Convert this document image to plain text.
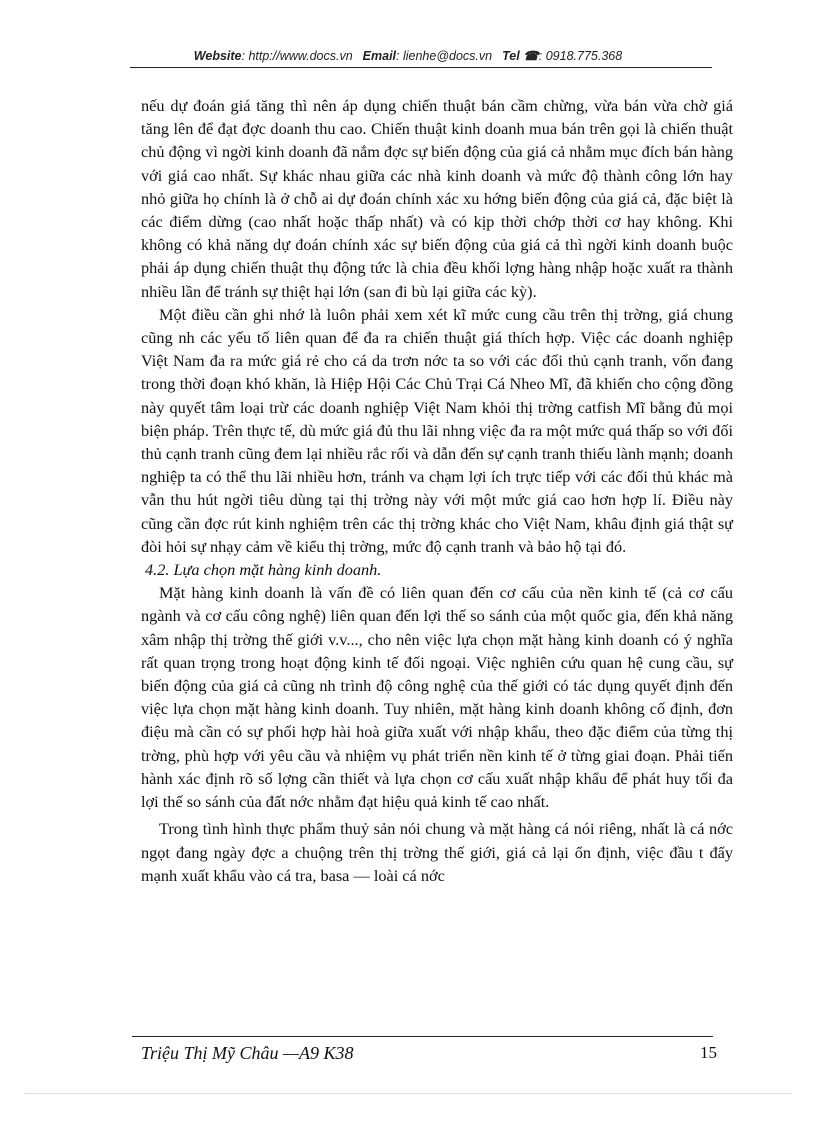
Website: http://www.docs.vn Email: lienhe@docs.vn Tel ☎: 0918.775.368

nếu dự đoán giá tăng thì nên áp dụng chiến thuật bán cầm chừng, vừa bán vừa chờ giá tăng lên để đạt đợc doanh thu cao. Chiến thuật kinh doanh mua bán trên gọi là chiến thuật chủ động vì ngời kinh doanh đã nắm đợc sự biến động của giá cả nhằm mục đích bán hàng với giá cao nhất. Sự khác nhau giữa các nhà kinh doanh và mức độ thành công lớn hay nhỏ giữa họ chính là ở chỗ ai dự đoán chính xác xu hớng biến động của giá cả, đặc biệt là các điểm dừng (cao nhất hoặc thấp nhất) và có kịp thời chớp thời cơ hay không. Khi không có khả năng dự đoán chính xác sự biến động của giá cả thì ngời kinh doanh buộc phải áp dụng chiến thuật thụ động tức là chia đều khối lợng hàng nhập hoặc xuất ra thành nhiều lần để tránh sự thiệt hại lớn (san đi bù lại giữa các kỳ).

Một điều cần ghi nhớ là luôn phải xem xét kĩ mức cung cầu trên thị trờng, giá chung cũng nh các yếu tố liên quan để đa ra chiến thuật giá thích hợp. Việc các doanh nghiệp Việt Nam đa ra mức giá rẻ cho cá da trơn nớc ta so với các đối thủ cạnh tranh, vốn đang trong thời đoạn khó khăn, là Hiệp Hội Các Chủ Trại Cá Nheo Mĩ, đã khiến cho cộng đồng này quyết tâm loại trừ các doanh nghiệp Việt Nam khỏi thị trờng catfish Mĩ bằng đủ mọi biện pháp. Trên thực tế, dù mức giá đủ thu lãi nhng việc đa ra một mức quá thấp so với đối thủ cạnh tranh cũng đem lại nhiều rắc rối và dẫn đến sự cạnh tranh thiếu lành mạnh; doanh nghiệp ta có thể thu lãi nhiều hơn, tránh va chạm lợi ích trực tiếp với các đối thủ khác mà vẫn thu hút ngời tiêu dùng tại thị trờng này với một mức giá cao hơn hợp lí. Điều này cũng cần đợc rút kinh nghiệm trên các thị trờng khác cho Việt Nam, khâu định giá thật sự đòi hỏi sự nhạy cảm về kiểu thị trờng, mức độ cạnh tranh và bảo hộ tại đó.

4.2. Lựa chọn mặt hàng kinh doanh.

Mặt hàng kinh doanh là vấn đề có liên quan đến cơ cấu của nền kinh tế (cả cơ cấu ngành và cơ cấu công nghệ) liên quan đến lợi thế so sánh của một quốc gia, đến khả năng xâm nhập thị trờng thế giới v.v..., cho nên việc lựa chọn mặt hàng kinh doanh có ý nghĩa rất quan trọng trong hoạt động kinh tế đối ngoại. Việc nghiên cứu quan hệ cung cầu, sự biến động của giá cả cũng nh trình độ công nghệ của thế giới có tác dụng quyết định đến việc lựa chọn mặt hàng kinh doanh. Tuy nhiên, mặt hàng kinh doanh không cố định, đơn điệu mà cần có sự phối hợp hài hoà giữa xuất với nhập khẩu, theo đặc điểm của từng thị trờng, phù hợp với yêu cầu và nhiệm vụ phát triển nền kinh tế ở từng giai đoạn. Phải tiến hành xác định rõ số lợng cần thiết và lựa chọn cơ cấu xuất nhập khẩu để phát huy tối đa lợi thế so sánh của đất nớc nhằm đạt hiệu quả kinh tế cao nhất.

Trong tình hình thực phẩm thuỷ sản nói chung và mặt hàng cá nói riêng, nhất là cá nớc ngọt đang ngày đợc a chuộng trên thị trờng thế giới, giá cả lại ổn định, việc đầu t đẩy mạnh xuất khẩu vào cá tra, basa — loài cá nớc

Triệu Thị Mỹ Châu —A9 K38	15
